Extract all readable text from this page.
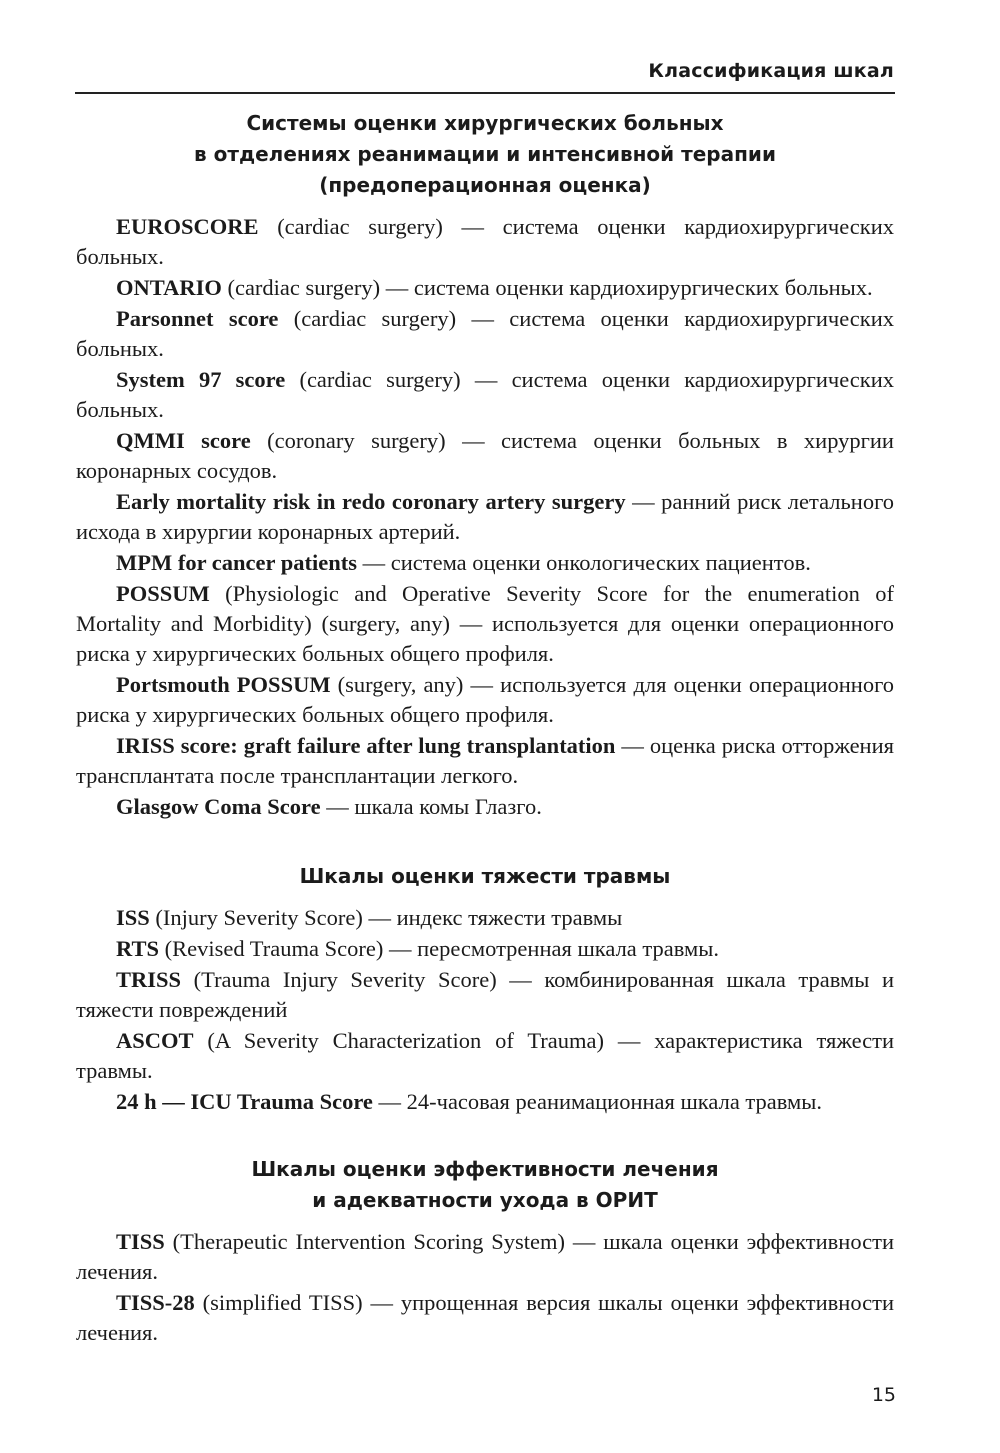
Классификация шкал
Системы оценки хирургических больных
в отделениях реанимации и интенсивной терапии
(предоперационная оценка)

EUROSCORE (cardiac surgery) — система оценки кардиохирургических больных.

ONTARIO (cardiac surgery) — система оценки кардиохирургических больных.

Parsonnet score (cardiac surgery) — система оценки кардиохирургических больных.

System 97 score (cardiac surgery) — система оценки кардиохирургических больных.

QMMI score (coronary surgery) — система оценки больных в хирургии коронарных сосудов.

Early mortality risk in redo coronary artery surgery — ранний риск летального исхода в хирургии коронарных артерий.

MPM for cancer patients — система оценки онкологических пациентов.

POSSUM (Physiologic and Operative Severity Score for the enumeration of Mortality and Morbidity) (surgery, any) — используется для оценки операционного риска у хирургических больных общего профиля.

Portsmouth POSSUM (surgery, any) — используется для оценки операционного риска у хирургических больных общего профиля.

IRISS score: graft failure after lung transplantation — оценка риска отторжения трансплантата после трансплантации легкого.

Glasgow Coma Score — шкала комы Глазго.

Шкалы оценки тяжести травмы

ISS (Injury Severity Score) — индекс тяжести травмы

RTS (Revised Trauma Score) — пересмотренная шкала травмы.

TRISS (Trauma Injury Severity Score) — комбинированная шкала травмы и тяжести повреждений

ASCOT (A Severity Characterization of Trauma) — характеристика тяжести травмы.

24 h — ICU Trauma Score — 24-часовая реанимационная шкала травмы.

Шкалы оценки эффективности лечения
и адекватности ухода в ОРИТ

TISS (Therapeutic Intervention Scoring System) — шкала оценки эффективности лечения.

TISS-28 (simplified TISS) — упрощенная версия шкалы оценки эффективности лечения.

15
